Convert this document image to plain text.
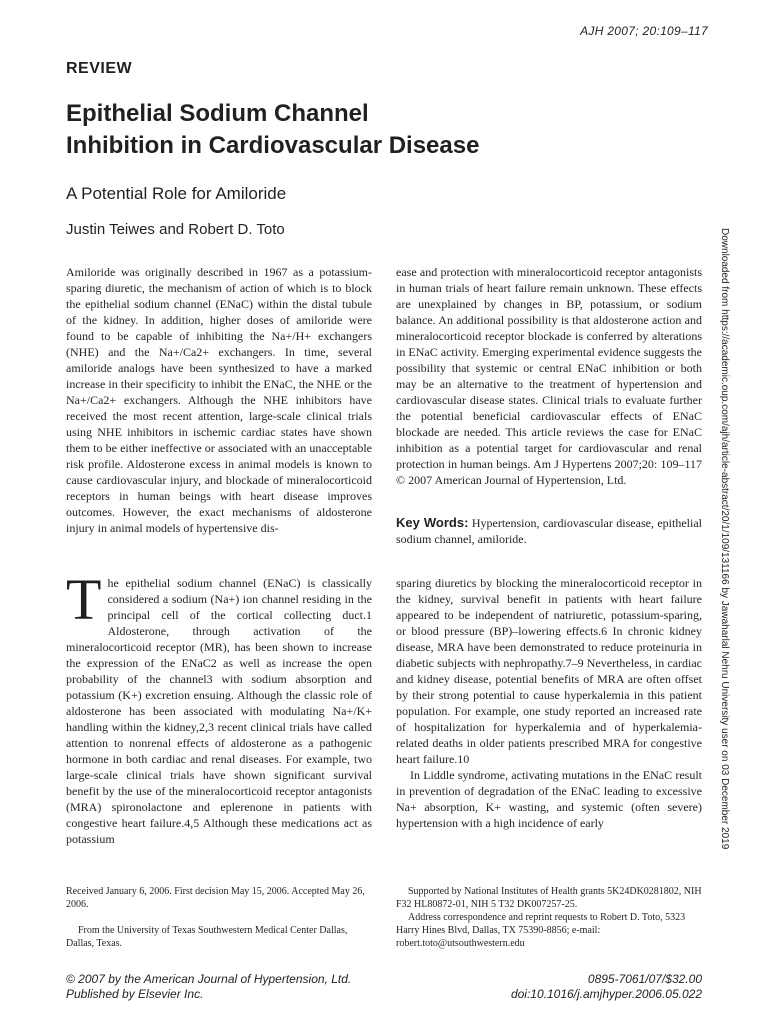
AJH 2007; 20:109–117
REVIEW
Epithelial Sodium Channel
Inhibition in Cardiovascular Disease
A Potential Role for Amiloride
Justin Teiwes and Robert D. Toto	Downloaded from https://academic.oup.com/ajh/article-abstract/20/1/109/131166 by Jawaharlal Nehru University user on 03 December 2019

Amiloride was originally described in 1967 as a potassium-sparing diuretic, the mechanism of action of which is to block the epithelial sodium channel (ENaC) within the distal tubule of the kidney. In addition, higher doses of amiloride were found to be capable of inhibiting the Na+/H+ exchangers (NHE) and the Na+/Ca2+ exchangers. In time, several amiloride analogs have been synthesized to have a marked increase in their specificity to inhibit the ENaC, the NHE or the Na+/Ca2+ exchangers. Although the NHE inhibitors have received the most recent attention, large-scale clinical trials using NHE inhibitors in ischemic cardiac states have shown them to be either ineffective or associated with an unacceptable risk profile. Aldosterone excess in animal models is known to cause cardiovascular injury, and blockade of mineralocorticoid receptors in human beings with heart disease improves outcomes. However, the exact mechanisms of aldosterone injury in animal models of hypertensive dis-

ease and protection with mineralocorticoid receptor antagonists in human trials of heart failure remain unknown. These effects are unexplained by changes in BP, potassium, or sodium balance. An additional possibility is that aldosterone action and mineralocorticoid receptor blockade is conferred by alterations in ENaC activity. Emerging experimental evidence suggests the possibility that systemic or central ENaC inhibition or both may be an alternative to the treatment of hypertension and cardiovascular disease states. Clinical trials to evaluate further the potential beneficial cardiovascular effects of ENaC blockade are needed. This article reviews the case for ENaC inhibition as a potential target for cardiovascular and renal protection in human beings. Am J Hypertens 2007;20: 109–117 © 2007 American Journal of Hypertension, Ltd.

Key Words: Hypertension, cardiovascular disease, epithelial sodium channel, amiloride.
T he epithelial sodium channel (ENaC) is classically considered a sodium (Na+) ion channel residing in the principal cell of the cortical collecting duct.1 Aldosterone, through activation of the mineralocorticoid receptor (MR), has been shown to increase the expression of the ENaC2 as well as increase the open probability of the channel3 with sodium absorption and potassium (K+) excretion ensuing. Although the classic role of aldosterone has been associated with modulating Na+/K+ handling within the kidney,2,3 recent clinical trials have called attention to nonrenal effects of aldosterone as a pathogenic hormone in both cardiac and renal diseases. For example, two large-scale clinical trials have shown significant survival benefit by the use of the mineralocorticoid receptor antagonists (MRA) spironolactone and eplerenone in patients with congestive heart failure.4,5 Although these medications act as potassium

sparing diuretics by blocking the mineralocorticoid receptor in the kidney, survival benefit in patients with heart failure appeared to be independent of natriuretic, potassium-sparing, or blood pressure (BP)–lowering effects.6 In chronic kidney disease, MRA have been demonstrated to reduce proteinuria in diabetic subjects with nephropathy.7–9 Nevertheless, in cardiac and kidney disease, potential benefits of MRA are often offset by their strong potential to cause hyperkalemia in this patient population. For example, one study reported an increased rate of hospitalization for hyperkalemia and of hyperkalemia-related deaths in older patients prescribed MRA for congestive heart failure.10

In Liddle syndrome, activating mutations in the ENaC result in prevention of degradation of the ENaC leading to excessive Na+ absorption, K+ wasting, and systemic (often severe) hypertension with a high incidence of early

Received January 6, 2006. First decision May 15, 2006. Accepted May 26, 2006.
From the University of Texas Southwestern Medical Center Dallas, Dallas, Texas.
Supported by National Institutes of Health grants 5K24DK0281802, NIH F32 HL80872-01, NIH 5 T32 DK007257-25.
Address correspondence and reprint requests to Robert D. Toto, 5323 Harry Hines Blvd, Dallas, TX 75390-8856; e-mail: robert.toto@utsouthwestern.edu
© 2007 by the American Journal of Hypertension, Ltd.
Published by Elsevier Inc.
0895-7061/07/$32.00
doi:10.1016/j.amjhyper.2006.05.022
